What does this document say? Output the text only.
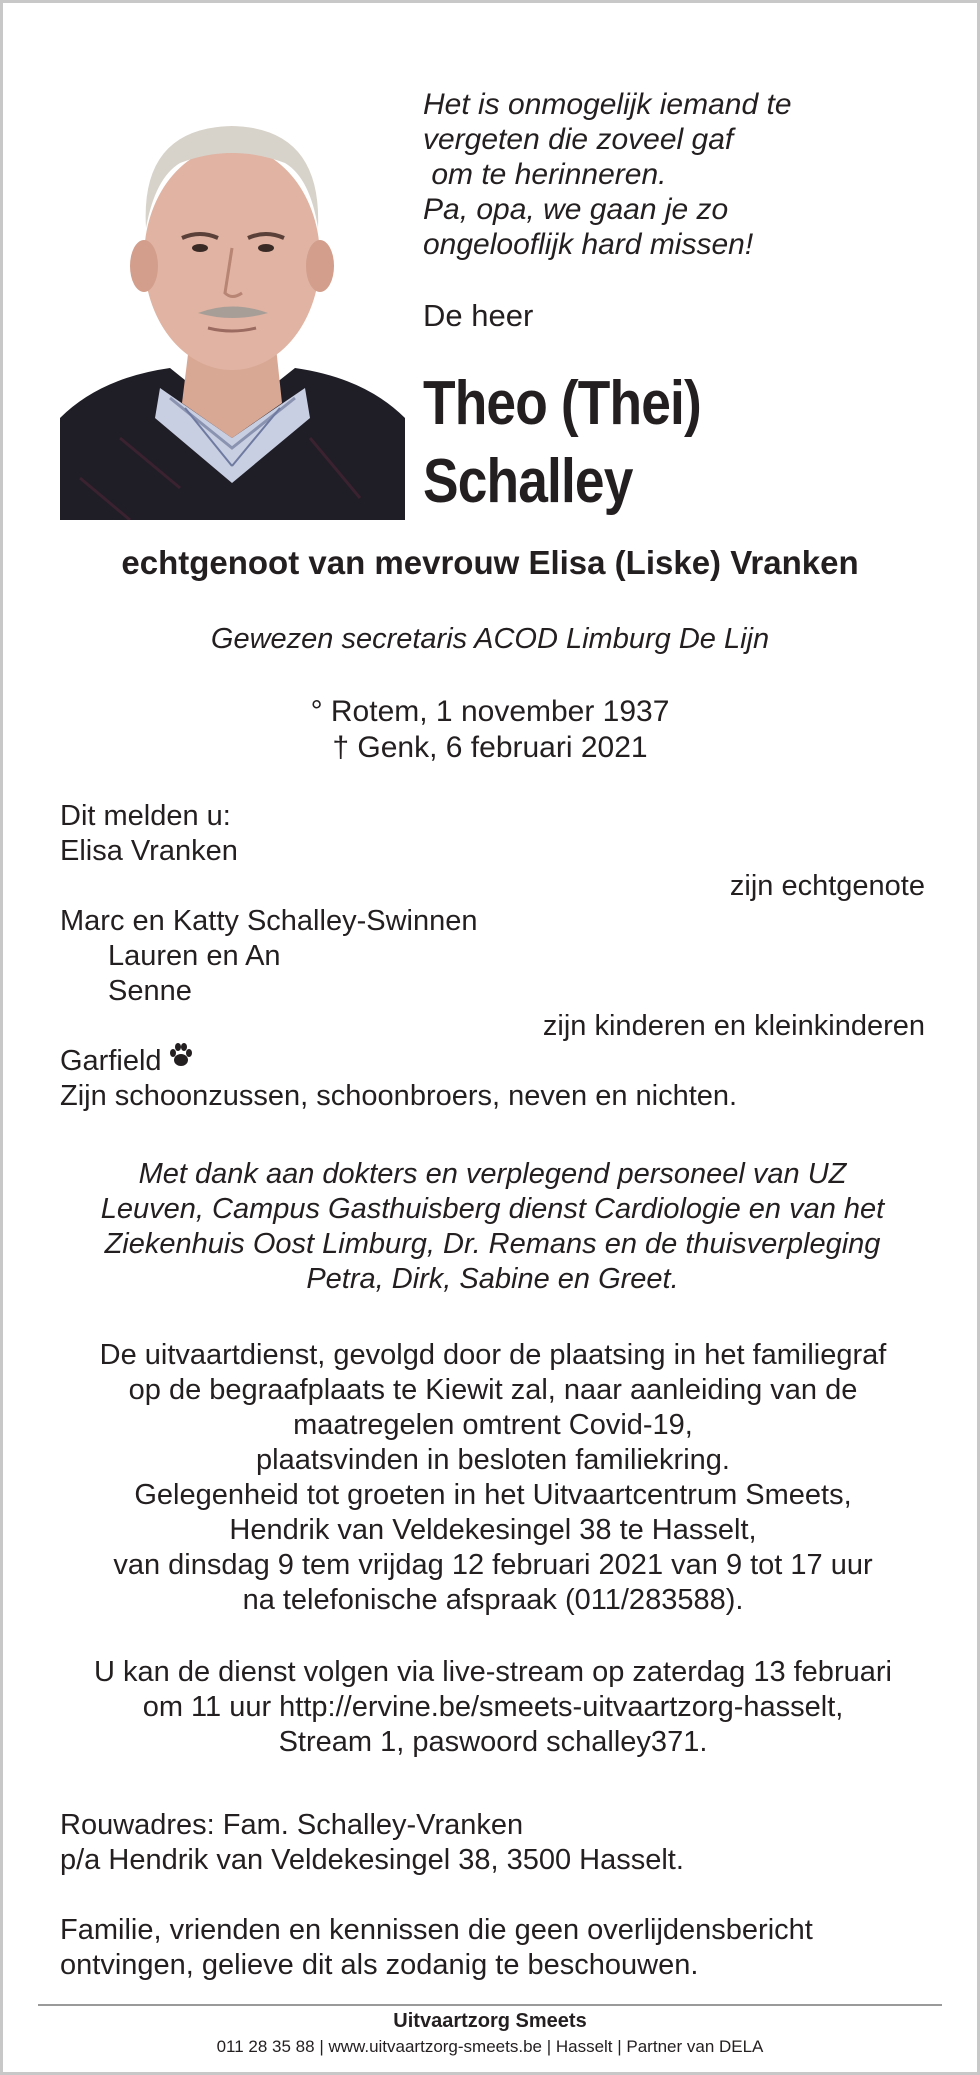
Het is onmogelijk iemand te
vergeten die zoveel gaf
om te herinneren.
Pa, opa, we gaan je zo
ongelooflijk hard missen!
De heer
Theo (Thei)
Schalley
echtgenoot van mevrouw Elisa (Liske) Vranken
Gewezen secretaris ACOD Limburg De Lijn
° Rotem, 1 november 1937
† Genk, 6 februari 2021
Dit melden u:
Elisa Vranken
zijn echtgenote
Marc en Katty Schalley-Swinnen
Lauren en An
Senne
zijn kinderen en kleinkinderen
Garfield
Zijn schoonzussen, schoonbroers, neven en nichten.
Met dank aan dokters en verplegend personeel van UZ
Leuven, Campus Gasthuisberg dienst Cardiologie en van het
Ziekenhuis Oost Limburg, Dr. Remans en de thuisverpleging
Petra, Dirk, Sabine en Greet.
De uitvaartdienst, gevolgd door de plaatsing in het familiegraf
op de begraafplaats te Kiewit zal, naar aanleiding van de
maatregelen omtrent Covid-19,
plaatsvinden in besloten familiekring.
Gelegenheid tot groeten in het Uitvaartcentrum Smeets,
Hendrik van Veldekesingel 38 te Hasselt,
van dinsdag 9 tem vrijdag 12 februari 2021 van 9 tot 17 uur
na telefonische afspraak (011/283588).
U kan de dienst volgen via live-stream op zaterdag 13 februari
om 11 uur http://ervine.be/smeets-uitvaartzorg-hasselt,
Stream 1, paswoord schalley371.
Rouwadres: Fam. Schalley-Vranken
p/a Hendrik van Veldekesingel 38, 3500 Hasselt.
Familie, vrienden en kennissen die geen overlijdensbericht
ontvingen, gelieve dit als zodanig te beschouwen.
Uitvaartzorg Smeets
011 28 35 88 | www.uitvaartzorg-smeets.be | Hasselt | Partner van DELA
